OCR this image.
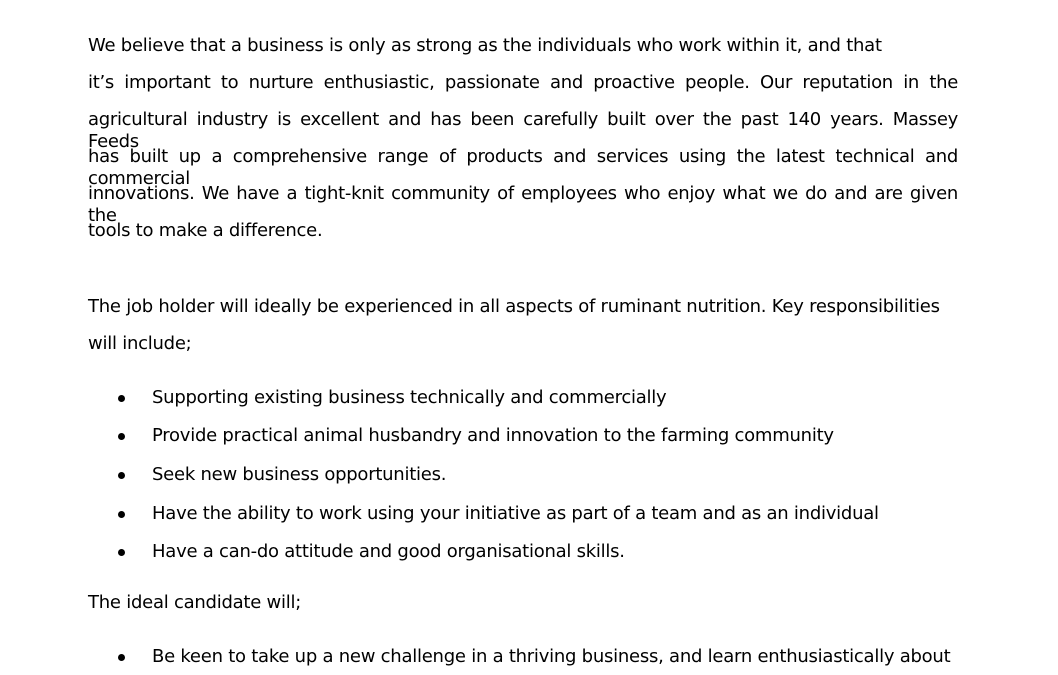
We believe that a business is only as strong as the individuals who work within it, and that
it’s important to nurture enthusiastic, passionate and proactive people. Our reputation in the
agricultural industry is excellent and has been carefully built over the past 140 years. Massey Feeds
has built up a comprehensive range of products and services using the latest technical and commercial
innovations. We have a tight-knit community of employees who enjoy what we do and are given the
tools to make a difference.
The job holder will ideally be experienced in all aspects of ruminant nutrition. Key responsibilities
will include;
Supporting existing business technically and commercially
Provide practical animal husbandry and innovation to the farming community
Seek new business opportunities.
Have the ability to work using your initiative as part of a team and as an individual
Have a can-do attitude and good organisational skills.
The ideal candidate will;
Be keen to take up a new challenge in a thriving business, and learn enthusiastically about
